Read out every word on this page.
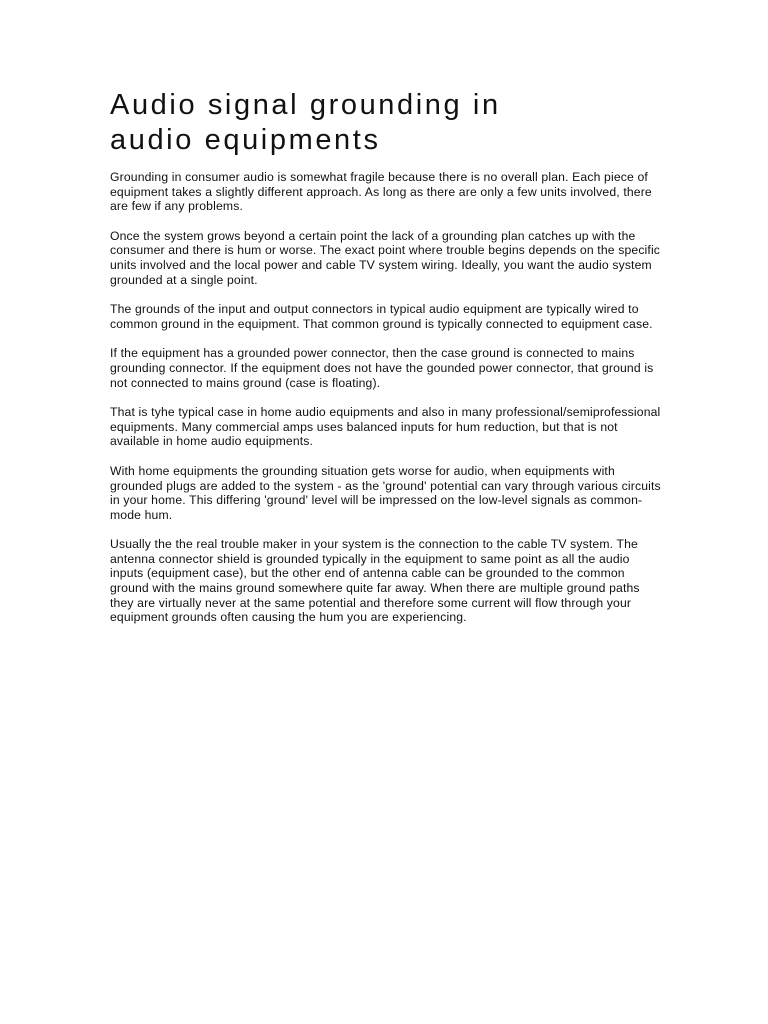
Audio signal grounding in
audio equipments

Grounding in consumer audio is somewhat fragile because there is no overall plan. Each piece of equipment takes a slightly different approach. As long as there are only a few units involved, there are few if any problems.

Once the system grows beyond a certain point the lack of a grounding plan catches up with the consumer and there is hum or worse. The exact point where trouble begins depends on the specific units involved and the local power and cable TV system wiring. Ideally, you want the audio system grounded at a single point.

The grounds of the input and output connectors in typical audio equipment are typically wired to common ground in the equipment. That common ground is typically connected to equipment case.

If the equipment has a grounded power connector, then the case ground is connected to mains grounding connector. If the equipment does not have the gounded power connector, that ground is not connected to mains ground (case is floating).

That is tyhe typical case in home audio equipments and also in many professional/semiprofessional equipments. Many commercial amps uses balanced inputs for hum reduction, but that is not available in home audio equipments.

With home equipments the grounding situation gets worse for audio, when equipments with grounded plugs are added to the system - as the 'ground' potential can vary through various circuits in your home. This differing 'ground' level will be impressed on the low-level signals as common-mode hum.

Usually the the real trouble maker in your system is the connection to the cable TV system. The antenna connector shield is grounded typically in the equipment to same point as all the audio inputs (equipment case), but the other end of antenna cable can be grounded to the common ground with the mains ground somewhere quite far away. When there are multiple ground paths they are virtually never at the same potential and therefore some current will flow through your equipment grounds often causing the hum you are experiencing.
